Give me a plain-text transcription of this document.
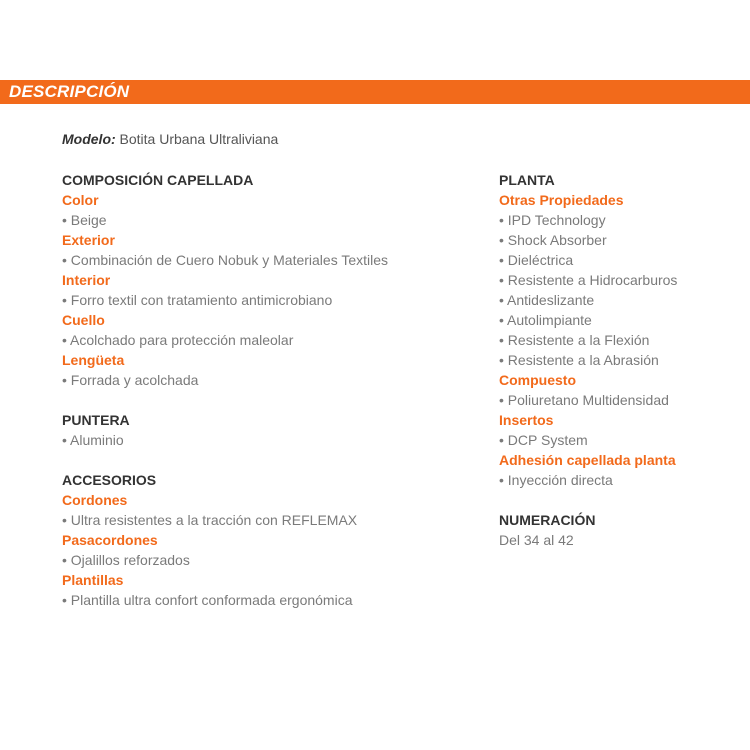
DESCRIPCIÓN
Modelo: Botita Urbana Ultraliviana
COMPOSICIÓN CAPELLADA
Color
• Beige
Exterior
• Combinación de Cuero Nobuk y Materiales Textiles
Interior
• Forro textil con tratamiento antimicrobiano
Cuello
• Acolchado para protección maleolar
Lengüeta
• Forrada y acolchada
PUNTERA
• Aluminio
ACCESORIOS
Cordones
• Ultra resistentes a la tracción con REFLEMAX
Pasacordones
• Ojalillos reforzados
Plantillas
• Plantilla ultra confort conformada ergonómica
PLANTA
Otras Propiedades
• IPD Technology
• Shock Absorber
• Dieléctrica
• Resistente a Hidrocarburos
• Antideslizante
• Autolimpiante
• Resistente a la Flexión
• Resistente a la Abrasión
Compuesto
• Poliuretano Multidensidad
Insertos
• DCP System
Adhesión capellada planta
• Inyección directa
NUMERACIÓN
Del 34 al 42
